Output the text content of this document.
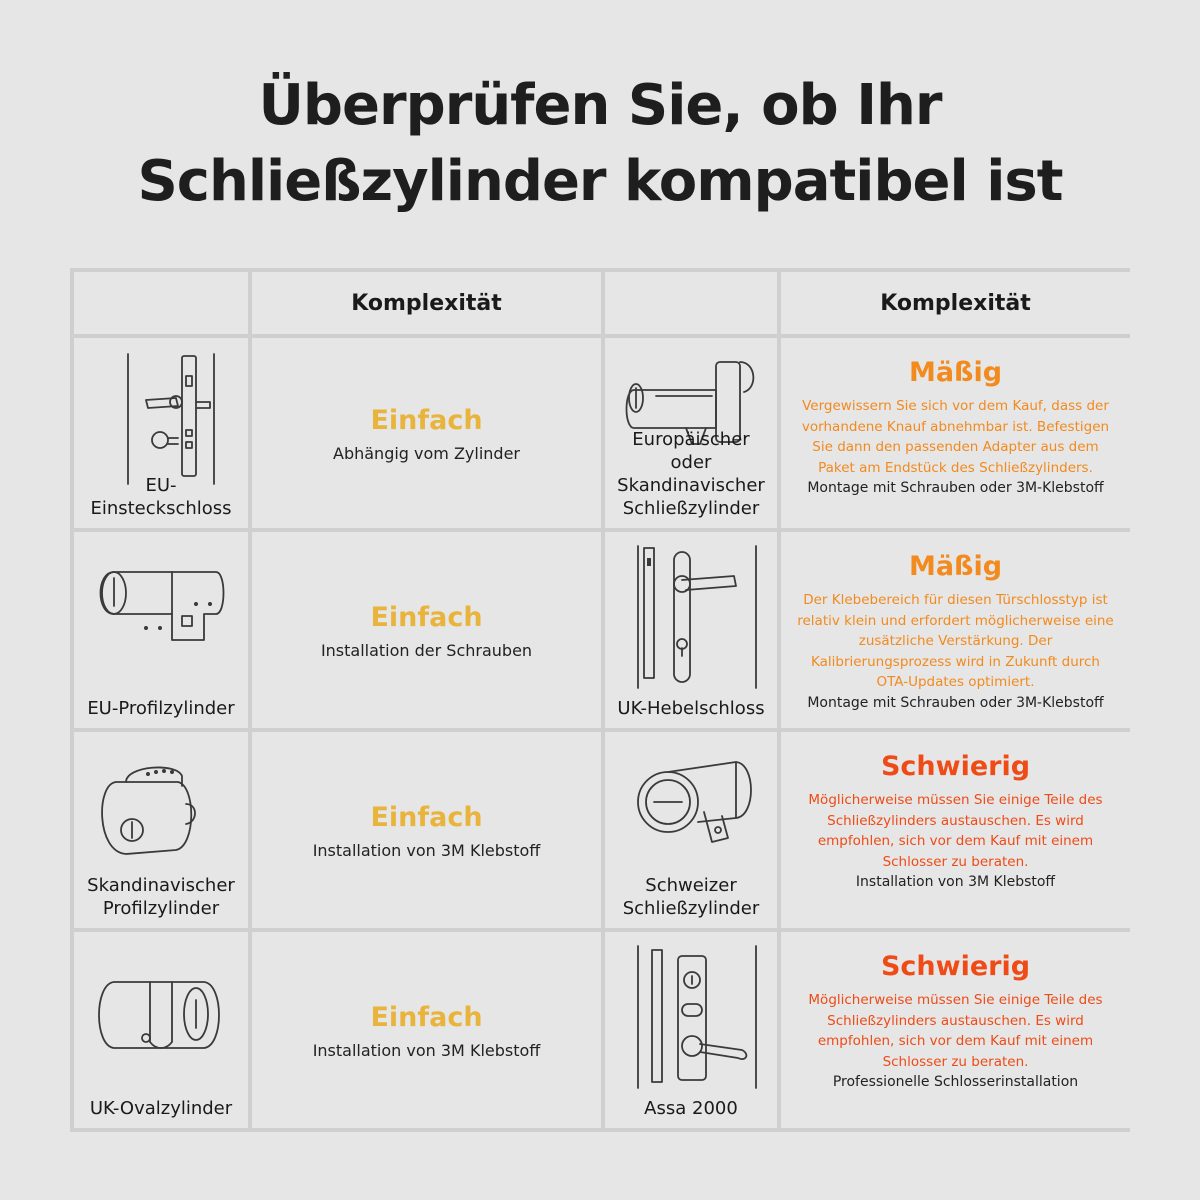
Überprüfen Sie, ob Ihr
Schließzylinder kompatibel ist
Komplexität	Komplexität
EU-Einsteckschloss
Einfach
Abhängig vom Zylinder
Europäischer oder Skandinavischer Schließzylinder
Mäßig
Vergewissern Sie sich vor dem Kauf, dass der vorhandene Knauf abnehmbar ist. Befestigen Sie dann den passenden Adapter aus dem Paket am Endstück des Schließzylinders.
Montage mit Schrauben oder 3M-Klebstoff
EU-Profilzylinder
Einfach
Installation der Schrauben
UK-Hebelschloss
Mäßig
Der Klebebereich für diesen Türschlosstyp ist relativ klein und erfordert möglicherweise eine zusätzliche Verstärkung. Der Kalibrierungsprozess wird in Zukunft durch OTA-Updates optimiert.
Montage mit Schrauben oder 3M-Klebstoff
Skandinavischer Profilzylinder
Einfach
Installation von 3M Klebstoff
Schweizer Schließzylinder
Schwierig
Möglicherweise müssen Sie einige Teile des Schließzylinders austauschen. Es wird empfohlen, sich vor dem Kauf mit einem Schlosser zu beraten.
Installation von 3M Klebstoff
UK-Ovalzylinder
Einfach
Installation von 3M Klebstoff
Assa 2000
Schwierig
Möglicherweise müssen Sie einige Teile des Schließzylinders austauschen. Es wird empfohlen, sich vor dem Kauf mit einem Schlosser zu beraten.
Professionelle Schlosserinstallation
